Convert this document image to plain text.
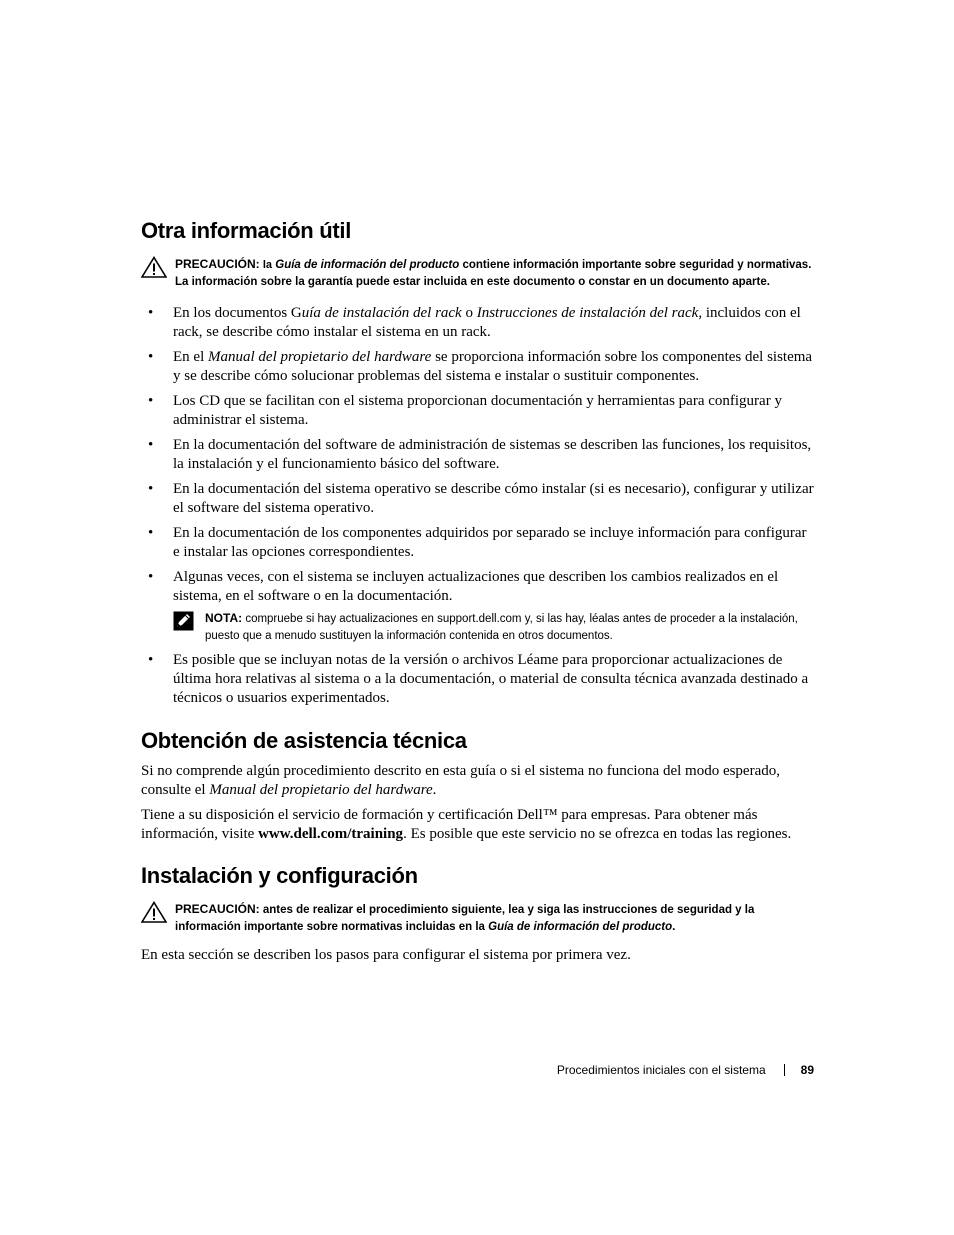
Otra información útil
PRECAUCIÓN: la Guía de información del producto contiene información importante sobre seguridad y normativas. La información sobre la garantía puede estar incluida en este documento o constar en un documento aparte.
• En los documentos Guía de instalación del rack o Instrucciones de instalación del rack, incluidos con el rack, se describe cómo instalar el sistema en un rack.
• En el Manual del propietario del hardware se proporciona información sobre los componentes del sistema y se describe cómo solucionar problemas del sistema e instalar o sustituir componentes.
• Los CD que se facilitan con el sistema proporcionan documentación y herramientas para configurar y administrar el sistema.
• En la documentación del software de administración de sistemas se describen las funciones, los requisitos, la instalación y el funcionamiento básico del software.
• En la documentación del sistema operativo se describe cómo instalar (si es necesario), configurar y utilizar el software del sistema operativo.
• En la documentación de los componentes adquiridos por separado se incluye información para configurar e instalar las opciones correspondientes.
• Algunas veces, con el sistema se incluyen actualizaciones que describen los cambios realizados en el sistema, en el software o en la documentación.
NOTA: compruebe si hay actualizaciones en support.dell.com y, si las hay, léalas antes de proceder a la instalación, puesto que a menudo sustituyen la información contenida en otros documentos.
• Es posible que se incluyan notas de la versión o archivos Léame para proporcionar actualizaciones de última hora relativas al sistema o a la documentación, o material de consulta técnica avanzada destinado a técnicos o usuarios experimentados.
Obtención de asistencia técnica

Si no comprende algún procedimiento descrito en esta guía o si el sistema no funciona del modo esperado, consulte el Manual del propietario del hardware.

Tiene a su disposición el servicio de formación y certificación Dell™ para empresas. Para obtener más información, visite www.dell.com/training. Es posible que este servicio no se ofrezca en todas las regiones.

Instalación y configuración
PRECAUCIÓN: antes de realizar el procedimiento siguiente, lea y siga las instrucciones de seguridad y la información importante sobre normativas incluidas en la Guía de información del producto.

En esta sección se describen los pasos para configurar el sistema por primera vez.

Procedimientos iniciales con el sistema	89
